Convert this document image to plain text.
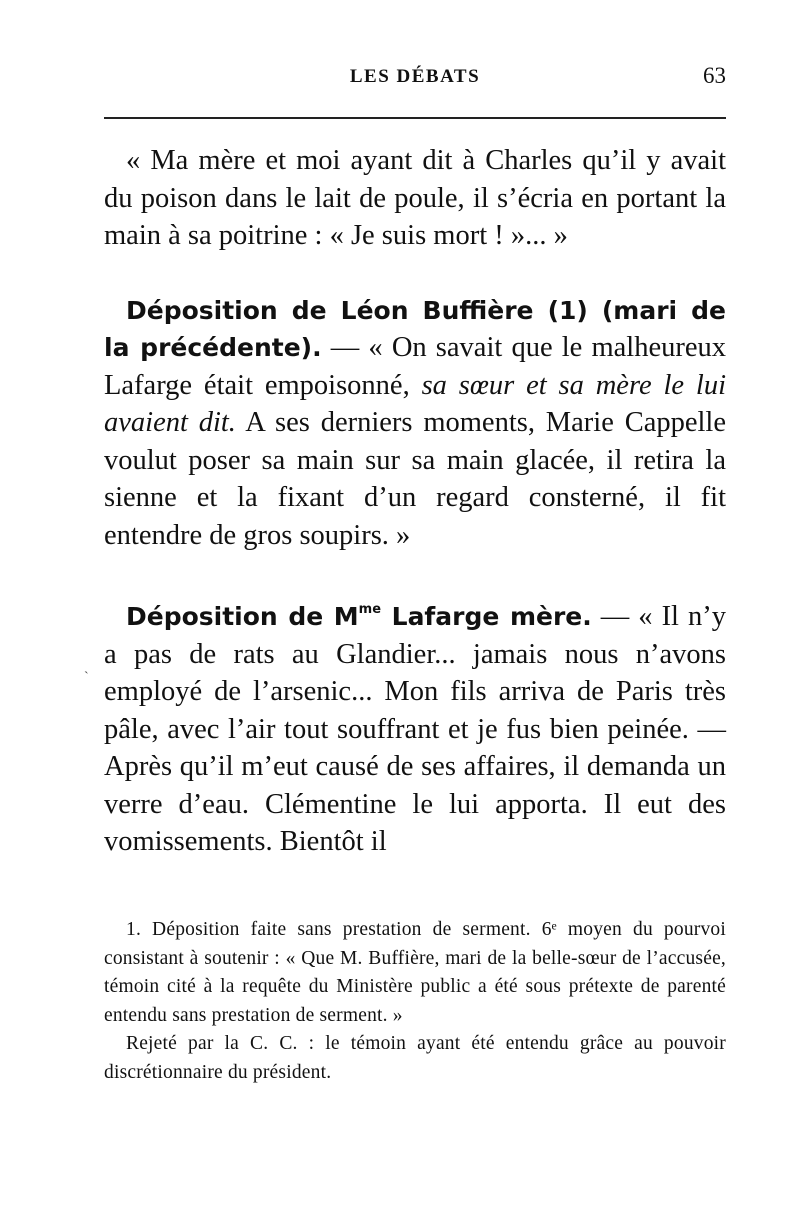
LES DÉBATS	63
˴

« Ma mère et moi ayant dit à Charles qu’il y avait du poison dans le lait de poule, il s’écria en portant la main à sa poitrine : « Je suis mort ! »... »

Déposition de Léon Buffière (1) (mari de la précédente). — « On savait que le malheureux Lafarge était empoisonné, sa sœur et sa mère le lui avaient dit. A ses derniers moments, Marie Cappelle voulut poser sa main sur sa main glacée, il retira la sienne et la fixant d’un regard consterné, il fit entendre de gros soupirs. »

Déposition de $M^{me}$ Lafarge mère. — « Il n’y a pas de rats au Glandier... jamais nous n’avons employé de l’arsenic... Mon fils arriva de Paris très pâle, avec l’air tout souffrant et je fus bien peinée. — Après qu’il m’eut causé de ses affaires, il demanda un verre d’eau. Clémentine le lui apporta. Il eut des vomissements. Bientôt il

1. Déposition faite sans prestation de serment. 6ᵉ moyen du pourvoi consistant à soutenir : « Que M. Buffière, mari de la belle-sœur de l’accusée, témoin cité à la requête du Ministère public a été sous prétexte de parenté entendu sans prestation de serment. »

Rejeté par la C. C. : le témoin ayant été entendu grâce au pouvoir discrétionnaire du président.
